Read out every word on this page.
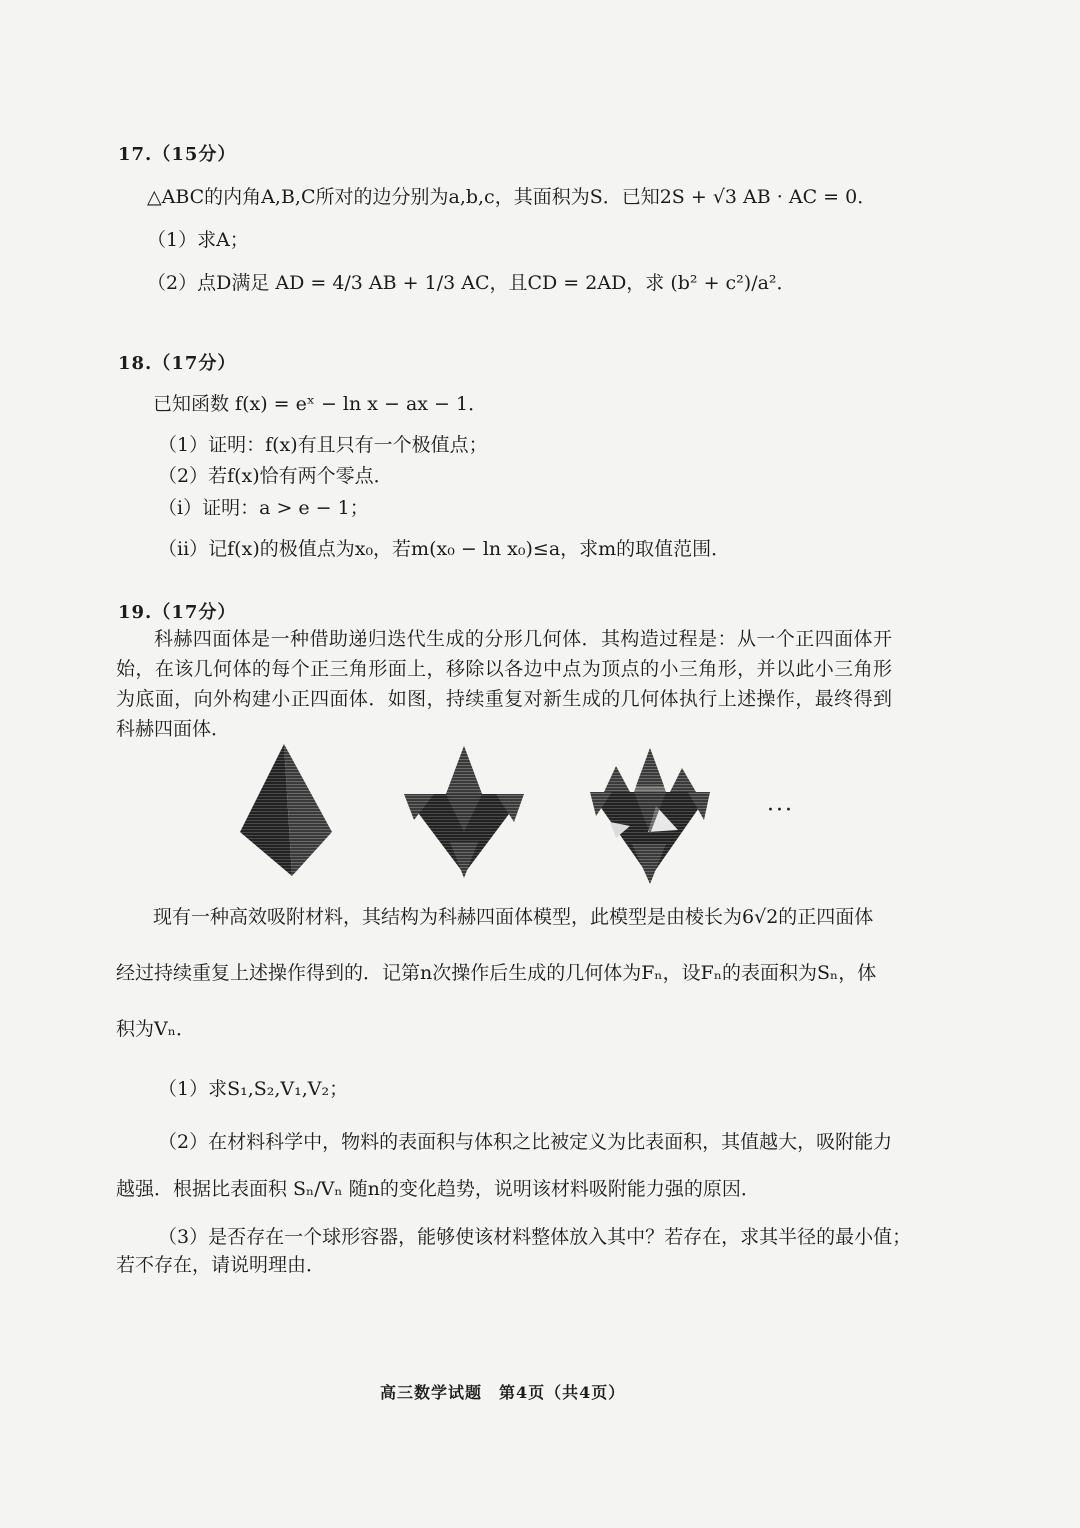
17.（15分）
△ABC的内角A,B,C所对的边分别为a,b,c，其面积为S．已知2S + √3 AB · AC = 0．
（1）求A；
（2）点D满足 AD = 4/3 AB + 1/3 AC，且CD = 2AD，求 (b² + c²)/a²．
18.（17分）
已知函数 f(x) = eˣ − ln x − ax − 1．
（1）证明：f(x)有且只有一个极值点；
（2）若f(x)恰有两个零点．
（i）证明：a > e − 1；
（ii）记f(x)的极值点为x₀，若m(x₀ − ln x₀)≤a，求m的取值范围．
19.（17分）
科赫四面体是一种借助递归迭代生成的分形几何体．其构造过程是：从一个正四面体开始，在该几何体的每个正三角形面上，移除以各边中点为顶点的小三角形，并以此小三角形为底面，向外构建小正四面体．如图，持续重复对新生成的几何体执行上述操作，最终得到科赫四面体．
···
现有一种高效吸附材料，其结构为科赫四面体模型，此模型是由棱长为6√2的正四面体
经过持续重复上述操作得到的．记第n次操作后生成的几何体为Fₙ，设Fₙ的表面积为Sₙ，体
积为Vₙ．
（1）求S₁,S₂,V₁,V₂；
（2）在材料科学中，物料的表面积与体积之比被定义为比表面积，其值越大，吸附能力
越强．根据比表面积 Sₙ/Vₙ 随n的变化趋势，说明该材料吸附能力强的原因．
（3）是否存在一个球形容器，能够使该材料整体放入其中？若存在，求其半径的最小值；
若不存在，请说明理由．
高三数学试题　第4页（共4页）
